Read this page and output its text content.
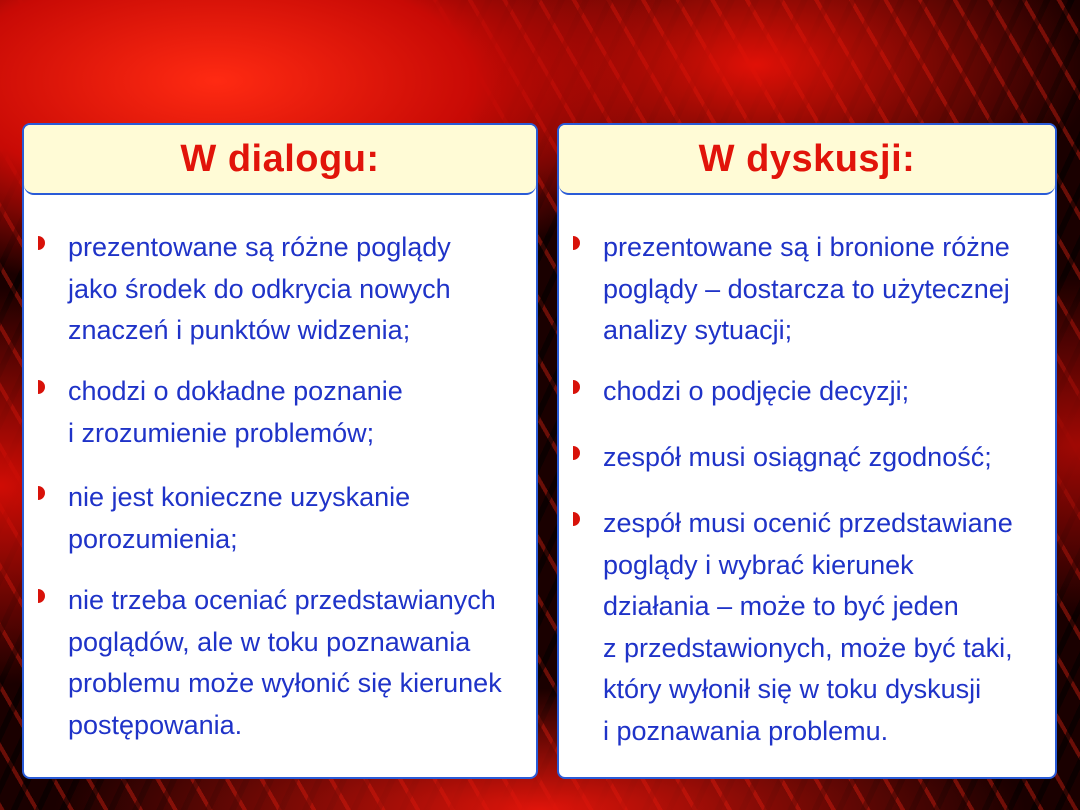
W dialogu:
prezentowane są różne poglądy
jako środek do odkrycia nowych
znaczeń i punktów widzenia;
chodzi o dokładne poznanie
i zrozumienie problemów;
nie jest konieczne uzyskanie
porozumienia;
nie trzeba oceniać przedstawianych
poglądów, ale w toku poznawania
problemu może wyłonić się kierunek
postępowania.
W dyskusji:
prezentowane są i bronione różne
poglądy – dostarcza to użytecznej
analizy sytuacji;
chodzi o podjęcie decyzji;
zespół musi osiągnąć zgodność;
zespół musi ocenić przedstawiane
poglądy i wybrać kierunek
działania – może to być jeden
z przedstawionych, może być taki,
który wyłonił się w toku dyskusji
i poznawania problemu.
